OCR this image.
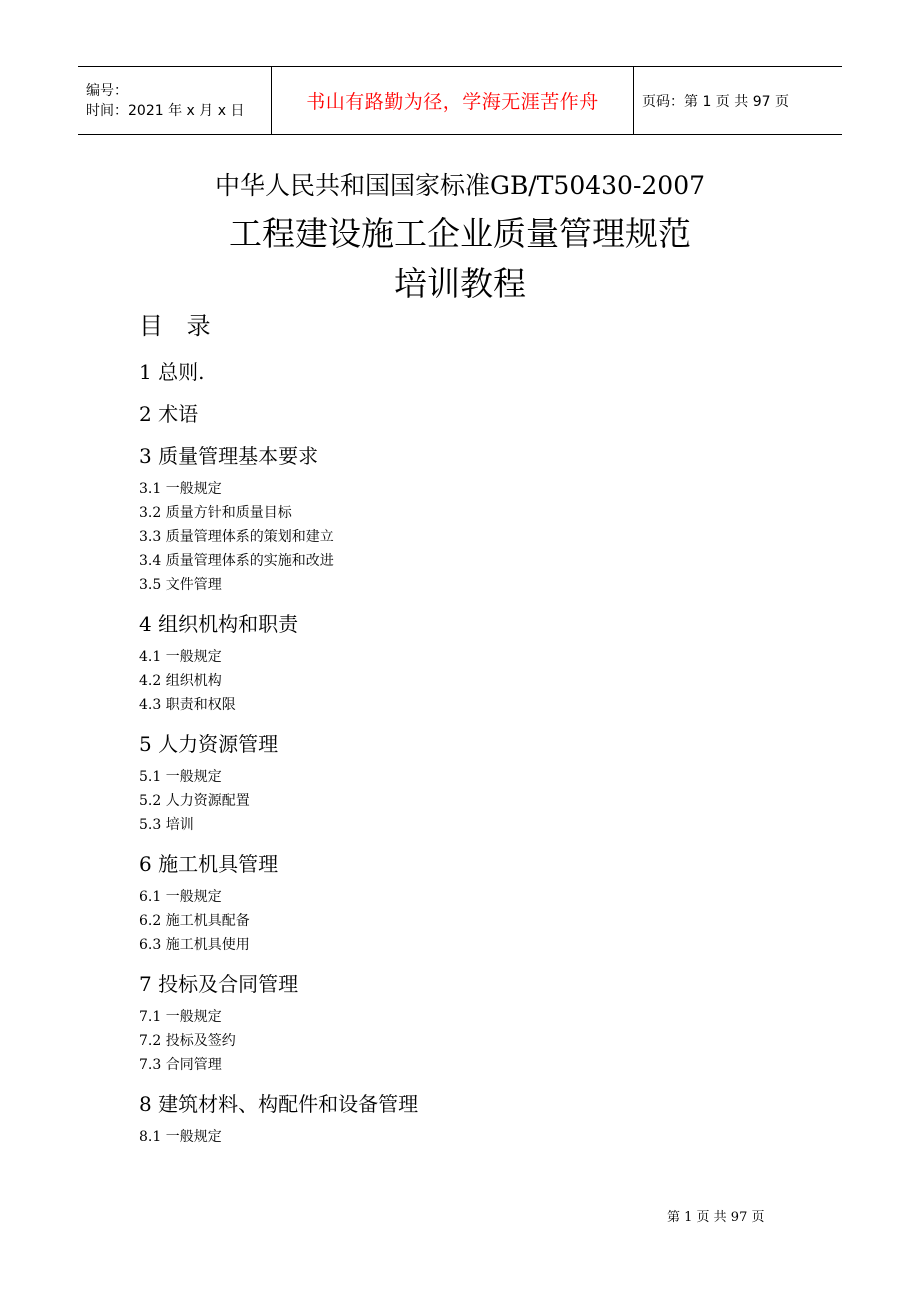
编号：
时间：2021 年 x 月 x 日	书山有路勤为径，学海无涯苦作舟	页码：第 1 页 共 97 页
中华人民共和国国家标准GB/T50430-2007
工程建设施工企业质量管理规范
培训教程
目 录
1 总则.
2 术语
3 质量管理基本要求
3.1 一般规定
3.2 质量方针和质量目标
3.3 质量管理体系的策划和建立
3.4 质量管理体系的实施和改进
3.5 文件管理
4 组织机构和职责
4.1 一般规定
4.2 组织机构
4.3 职责和权限
5 人力资源管理
5.1 一般规定
5.2 人力资源配置
5.3 培训
6 施工机具管理
6.1 一般规定
6.2 施工机具配备
6.3 施工机具使用
7 投标及合同管理
7.1 一般规定
7.2 投标及签约
7.3 合同管理
8 建筑材料、构配件和设备管理
8.1 一般规定
第 1 页 共 97 页
